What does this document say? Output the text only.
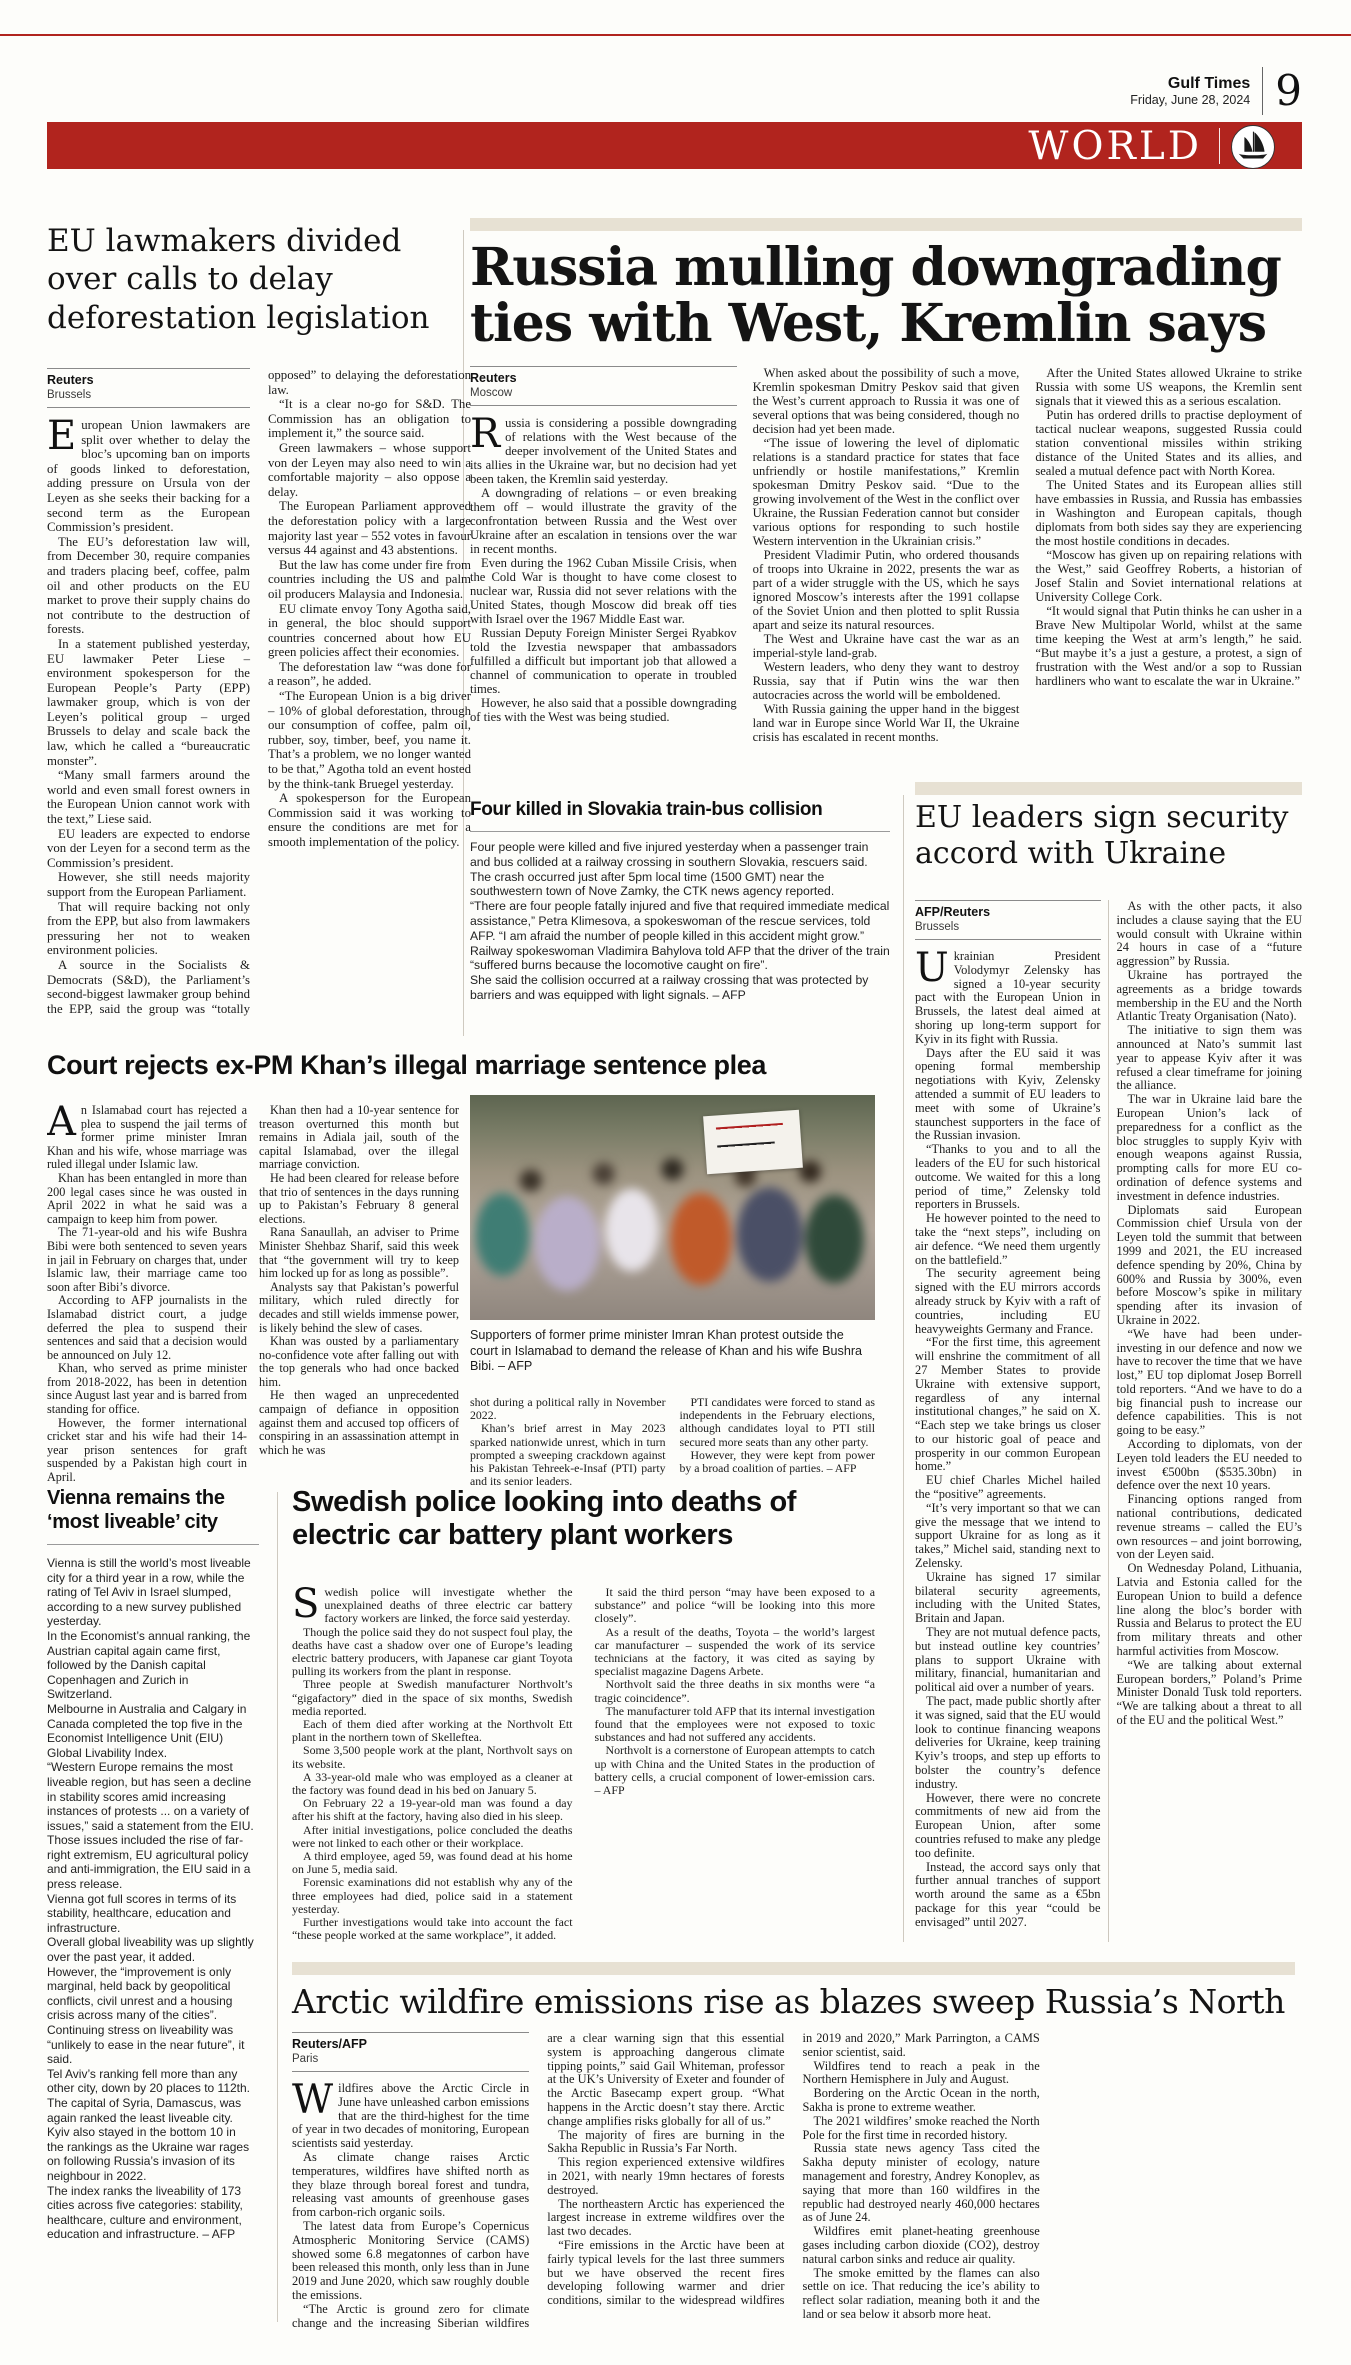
Gulf Times
Friday, June 28, 2024 9
WORLD
EU lawmakers divided over calls to delay deforestation legislation
Reuters
Brussels

European Union lawmakers are split over whether to delay the bloc’s upcoming ban on imports of goods linked to deforestation, adding pressure on Ursula von der Leyen as she seeks their backing for a second term as the European Commission’s president.

The EU’s deforestation law will, from December 30, require companies and traders placing beef, coffee, palm oil and other products on the EU market to prove their supply chains do not contribute to the destruction of forests.

In a statement published yesterday, EU lawmaker Peter Liese – environment spokesperson for the European People’s Party (EPP) lawmaker group, which is von der Leyen’s political group – urged Brussels to delay and scale back the law, which he called a “bureaucratic monster”.

“Many small farmers around the world and even small forest owners in the European Union cannot work with the text,” Liese said.

EU leaders are expected to endorse von der Leyen for a second term as the Commission’s president.

However, she still needs majority support from the European Parliament.

That will require backing not only from the EPP, but also from lawmakers pressuring her not to weaken environment policies.

A source in the Socialists & Democrats (S&D), the Parliament’s second-biggest lawmaker group behind the EPP, said the group was “totally opposed” to delaying the deforestation law.

“It is a clear no-go for S&D. The Commission has an obligation to implement it,” the source said.

Green lawmakers – whose support von der Leyen may also need to win a comfortable majority – also oppose a delay.

The European Parliament approved the deforestation policy with a large majority last year – 552 votes in favour versus 44 against and 43 abstentions.

But the law has come under fire from countries including the US and palm oil producers Malaysia and Indonesia.

EU climate envoy Tony Agotha said, in general, the bloc should support countries concerned about how EU green policies affect their economies.

The deforestation law “was done for a reason”, he added.

“The European Union is a big driver – 10% of global deforestation, through our consumption of coffee, palm oil, rubber, soy, timber, beef, you name it. That’s a problem, we no longer wanted to be that,” Agotha told an event hosted by the think-tank Bruegel yesterday.

A spokesperson for the European Commission said it was working to ensure the conditions are met for a smooth implementation of the policy.

Russia mulling downgrading ties with West, Kremlin says
Reuters
Moscow

Russia is considering a possible downgrading of relations with the West because of the deeper involvement of the United States and its allies in the Ukraine war, but no decision had yet been taken, the Kremlin said yesterday.

A downgrading of relations – or even breaking them off – would illustrate the gravity of the confrontation between Russia and the West over Ukraine after an escalation in tensions over the war in recent months.

Even during the 1962 Cuban Missile Crisis, when the Cold War is thought to have come closest to nuclear war, Russia did not sever relations with the United States, though Moscow did break off ties with Israel over the 1967 Middle East war.

Russian Deputy Foreign Minister Sergei Ryabkov told the Izvestia newspaper that ambassadors fulfilled a difficult but important job that allowed a channel of communication to operate in troubled times.

However, he also said that a possible downgrading of ties with the West was being studied.

When asked about the possibility of such a move, Kremlin spokesman Dmitry Peskov said that given the West’s current approach to Russia it was one of several options that was being considered, though no decision had yet been made.

“The issue of lowering the level of diplomatic relations is a standard practice for states that face unfriendly or hostile manifestations,” Kremlin spokesman Dmitry Peskov said. “Due to the growing involvement of the West in the conflict over Ukraine, the Russian Federation cannot but consider various options for responding to such hostile Western intervention in the Ukrainian crisis.”

President Vladimir Putin, who ordered thousands of troops into Ukraine in 2022, presents the war as part of a wider struggle with the US, which he says ignored Moscow’s interests after the 1991 collapse of the Soviet Union and then plotted to split Russia apart and seize its natural resources.

The West and Ukraine have cast the war as an imperial-style land-grab.

Western leaders, who deny they want to destroy Russia, say that if Putin wins the war then autocracies across the world will be emboldened.

With Russia gaining the upper hand in the biggest land war in Europe since World War II, the Ukraine crisis has escalated in recent months.

After the United States allowed Ukraine to strike Russia with some US weapons, the Kremlin sent signals that it viewed this as a serious escalation.

Putin has ordered drills to practise deployment of tactical nuclear weapons, suggested Russia could station conventional missiles within striking distance of the United States and its allies, and sealed a mutual defence pact with North Korea.

The United States and its European allies still have embassies in Russia, and Russia has embassies in Washington and European capitals, though diplomats from both sides say they are experiencing the most hostile conditions in decades.

“Moscow has given up on repairing relations with the West,” said Geoffrey Roberts, a historian of Josef Stalin and Soviet international relations at University College Cork.

“It would signal that Putin thinks he can usher in a Brave New Multipolar World, whilst at the same time keeping the West at arm’s length,” he said. “But maybe it’s a just a gesture, a protest, a sign of frustration with the West and/or a sop to Russian hardliners who want to escalate the war in Ukraine.”

Four killed in Slovakia train-bus collision

Four people were killed and five injured yesterday when a passenger train and bus collided at a railway crossing in southern Slovakia, rescuers said.

The crash occurred just after 5pm local time (1500 GMT) near the southwestern town of Nove Zamky, the CTK news agency reported.

“There are four people fatally injured and five that required immediate medical assistance,” Petra Klimesova, a spokeswoman of the rescue services, told AFP. “I am afraid the number of people killed in this accident might grow.”

Railway spokeswoman Vladimira Bahylova told AFP that the driver of the train “suffered burns because the locomotive caught on fire”.

She said the collision occurred at a railway crossing that was protected by barriers and was equipped with light signals. – AFP

EU leaders sign security accord with Ukraine
AFP/Reuters
Brussels

Ukrainian President Volodymyr Zelensky has signed a 10-year security pact with the European Union in Brussels, the latest deal aimed at shoring up long-term support for Kyiv in its fight with Russia.

Days after the EU said it was opening formal membership negotiations with Kyiv, Zelensky attended a summit of EU leaders to meet with some of Ukraine’s staunchest supporters in the face of the Russian invasion.

“Thanks to you and to all the leaders of the EU for such historical outcome. We waited for this a long period of time,” Zelensky told reporters in Brussels.

He however pointed to the need to take the “next steps”, including on air defence. “We need them urgently on the battlefield.”

The security agreement being signed with the EU mirrors accords already struck by Kyiv with a raft of countries, including EU heavyweights Germany and France.

“For the first time, this agreement will enshrine the commitment of all 27 Member States to provide Ukraine with extensive support, regardless of any internal institutional changes,” he said on X. “Each step we take brings us closer to our historic goal of peace and prosperity in our common European home.”

EU chief Charles Michel hailed the “positive” agreements.

“It’s very important so that we can give the message that we intend to support Ukraine for as long as it takes,” Michel said, standing next to Zelensky.

Ukraine has signed 17 similar bilateral security agreements, including with the United States, Britain and Japan.

They are not mutual defence pacts, but instead outline key countries’ plans to support Ukraine with military, financial, humanitarian and political aid over a number of years.

The pact, made public shortly after it was signed, said that the EU would look to continue financing weapons deliveries for Ukraine, keep training Kyiv’s troops, and step up efforts to bolster the country’s defence industry.

However, there were no concrete commitments of new aid from the European Union, after some countries refused to make any pledge too definite.

Instead, the accord says only that further annual tranches of support worth around the same as a €5bn package for this year “could be envisaged” until 2027.

As with the other pacts, it also includes a clause saying that the EU would consult with Ukraine within 24 hours in case of a “future aggression” by Russia.

Ukraine has portrayed the agreements as a bridge towards membership in the EU and the North Atlantic Treaty Organisation (Nato).

The initiative to sign them was announced at Nato’s summit last year to appease Kyiv after it was refused a clear timeframe for joining the alliance.

The war in Ukraine laid bare the European Union’s lack of preparedness for a conflict as the bloc struggles to supply Kyiv with enough weapons against Russia, prompting calls for more EU co-ordination of defence systems and investment in defence industries.

Diplomats said European Commission chief Ursula von der Leyen told the summit that between 1999 and 2021, the EU increased defence spending by 20%, China by 600% and Russia by 300%, even before Moscow’s spike in military spending after its invasion of Ukraine in 2022.

“We have had been under-investing in our defence and now we have to recover the time that we have lost,” EU top diplomat Josep Borrell told reporters. “And we have to do a big financial push to increase our defence capabilities. This is not going to be easy.”

According to diplomats, von der Leyen told leaders the EU needed to invest €500bn ($535.30bn) in defence over the next 10 years.

Financing options ranged from national contributions, dedicated revenue streams – called the EU’s own resources – and joint borrowing, von der Leyen said.

On Wednesday Poland, Lithuania, Latvia and Estonia called for the European Union to build a defence line along the bloc’s border with Russia and Belarus to protect the EU from military threats and other harmful activities from Moscow.

“We are talking about external European borders,” Poland’s Prime Minister Donald Tusk told reporters. “We are talking about a threat to all of the EU and the political West.”

Court rejects ex-PM Khan’s illegal marriage sentence plea

An Islamabad court has rejected a plea to suspend the jail terms of former prime minister Imran Khan and his wife, whose marriage was ruled illegal under Islamic law.

Khan has been entangled in more than 200 legal cases since he was ousted in April 2022 in what he said was a campaign to keep him from power.

The 71-year-old and his wife Bushra Bibi were both sentenced to seven years in jail in February on charges that, under Islamic law, their marriage came too soon after Bibi’s divorce.

According to AFP journalists in the Islamabad district court, a judge deferred the plea to suspend their sentences and said that a decision would be announced on July 12.

Khan, who served as prime minister from 2018-2022, has been in detention since August last year and is barred from standing for office.

However, the former international cricket star and his wife had their 14-year prison sentences for graft suspended by a Pakistan high court in April.

Khan then had a 10-year sentence for treason overturned this month but remains in Adiala jail, south of the capital Islamabad, over the illegal marriage conviction.

He had been cleared for release before that trio of sentences in the days running up to Pakistan’s February 8 general elections.

Rana Sanaullah, an adviser to Prime Minister Shehbaz Sharif, said this week that “the government will try to keep him locked up for as long as possible”.

Analysts say that Pakistan’s powerful military, which ruled directly for decades and still wields immense power, is likely behind the slew of cases.

Khan was ousted by a parliamentary no-confidence vote after falling out with the top generals who had once backed him.

He then waged an unprecedented campaign of defiance in opposition against them and accused top officers of conspiring in an assassination attempt in which he was

Supporters of former prime minister Imran Khan protest outside the court in Islamabad to demand the release of Khan and his wife Bushra Bibi. – AFP

shot during a political rally in November 2022.

Khan’s brief arrest in May 2023 sparked nationwide unrest, which in turn prompted a sweeping crackdown against his Pakistan Tehreek-e-Insaf (PTI) party and its senior leaders.

PTI candidates were forced to stand as independents in the February elections, although candidates loyal to PTI still secured more seats than any other party.

However, they were kept from power by a broad coalition of parties. – AFP

Vienna remains the ‘most liveable’ city

Vienna is still the world’s most liveable city for a third year in a row, while the rating of Tel Aviv in Israel slumped, according to a new survey published yesterday.

In the Economist’s annual ranking, the Austrian capital again came first, followed by the Danish capital Copenhagen and Zurich in Switzerland.

Melbourne in Australia and Calgary in Canada completed the top five in the Economist Intelligence Unit (EIU) Global Livability Index.

“Western Europe remains the most liveable region, but has seen a decline in stability scores amid increasing instances of protests ... on a variety of issues,” said a statement from the EIU.

Those issues included the rise of far-right extremism, EU agricultural policy and anti-immigration, the EIU said in a press release.

Vienna got full scores in terms of its stability, healthcare, education and infrastructure.

Overall global liveability was up slightly over the past year, it added.

However, the “improvement is only marginal, held back by geopolitical conflicts, civil unrest and a housing crisis across many of the cities”.

Continuing stress on liveability was “unlikely to ease in the near future”, it said.

Tel Aviv’s ranking fell more than any other city, down by 20 places to 112th.

The capital of Syria, Damascus, was again ranked the least liveable city.

Kyiv also stayed in the bottom 10 in the rankings as the Ukraine war rages on following Russia’s invasion of its neighbour in 2022.

The index ranks the liveability of 173 cities across five categories: stability, healthcare, culture and environment, education and infrastructure. – AFP

Swedish police looking into deaths of electric car battery plant workers

Swedish police will investigate whether the unexplained deaths of three electric car battery factory workers are linked, the force said yesterday.

Though the police said they do not suspect foul play, the deaths have cast a shadow over one of Europe’s leading electric battery producers, with Japanese car giant Toyota pulling its workers from the plant in response.

Three people at Swedish manufacturer Northvolt’s “gigafactory” died in the space of six months, Swedish media reported.

Each of them died after working at the Northvolt Ett plant in the northern town of Skelleftea.

Some 3,500 people work at the plant, Northvolt says on its website.

A 33-year-old male who was employed as a cleaner at the factory was found dead in his bed on January 5.

On February 22 a 19-year-old man was found a day after his shift at the factory, having also died in his sleep.

After initial investigations, police concluded the deaths were not linked to each other or their workplace.

A third employee, aged 59, was found dead at his home on June 5, media said.

Forensic examinations did not establish why any of the three employees had died, police said in a statement yesterday.

Further investigations would take into account the fact “these people worked at the same workplace”, it added.

It said the third person “may have been exposed to a substance” and police “will be looking into this more closely”.

As a result of the deaths, Toyota – the world’s largest car manufacturer – suspended the work of its service technicians at the factory, it was cited as saying by specialist magazine Dagens Arbete.

Northvolt said the three deaths in six months were “a tragic coincidence”.

The manufacturer told AFP that its internal investigation found that the employees were not exposed to toxic substances and had not suffered any accidents.

Northvolt is a cornerstone of European attempts to catch up with China and the United States in the production of battery cells, a crucial component of lower-emission cars. – AFP

Arctic wildfire emissions rise as blazes sweep Russia’s North
Reuters/AFP
Paris

Wildfires above the Arctic Circle in June have unleashed carbon emissions that are the third-highest for the time of year in two decades of monitoring, European scientists said yesterday.

As climate change raises Arctic temperatures, wildfires have shifted north as they blaze through boreal forest and tundra, releasing vast amounts of greenhouse gases from carbon-rich organic soils.

The latest data from Europe’s Copernicus Atmospheric Monitoring Service (CAMS) showed some 6.8 megatonnes of carbon have been released this month, only less than in June 2019 and June 2020, which saw roughly double the emissions.

“The Arctic is ground zero for climate change and the increasing Siberian wildfires are a clear warning sign that this essential system is approaching dangerous climate tipping points,” said Gail Whiteman, professor at the UK’s University of Exeter and founder of the Arctic Basecamp expert group. “What happens in the Arctic doesn’t stay there. Arctic change amplifies risks globally for all of us.”

The majority of fires are burning in the Sakha Republic in Russia’s Far North.

This region experienced extensive wildfires in 2021, with nearly 19mn hectares of forests destroyed.

The northeastern Arctic has experienced the largest increase in extreme wildfires over the last two decades.

“Fire emissions in the Arctic have been at fairly typical levels for the last three summers but we have observed the recent fires developing following warmer and drier conditions, similar to the widespread wildfires in 2019 and 2020,” Mark Parrington, a CAMS senior scientist, said.

Wildfires tend to reach a peak in the Northern Hemisphere in July and August.

Bordering on the Arctic Ocean in the north, Sakha is prone to extreme weather.

The 2021 wildfires’ smoke reached the North Pole for the first time in recorded history.

Russia state news agency Tass cited the Sakha deputy minister of ecology, nature management and forestry, Andrey Konoplev, as saying that more than 160 wildfires in the republic had destroyed nearly 460,000 hectares as of June 24.

Wildfires emit planet-heating greenhouse gases including carbon dioxide (CO2), destroy natural carbon sinks and reduce air quality.

The smoke emitted by the flames can also settle on ice. That reducing the ice’s ability to reflect solar radiation, meaning both it and the land or sea below it absorb more heat.
